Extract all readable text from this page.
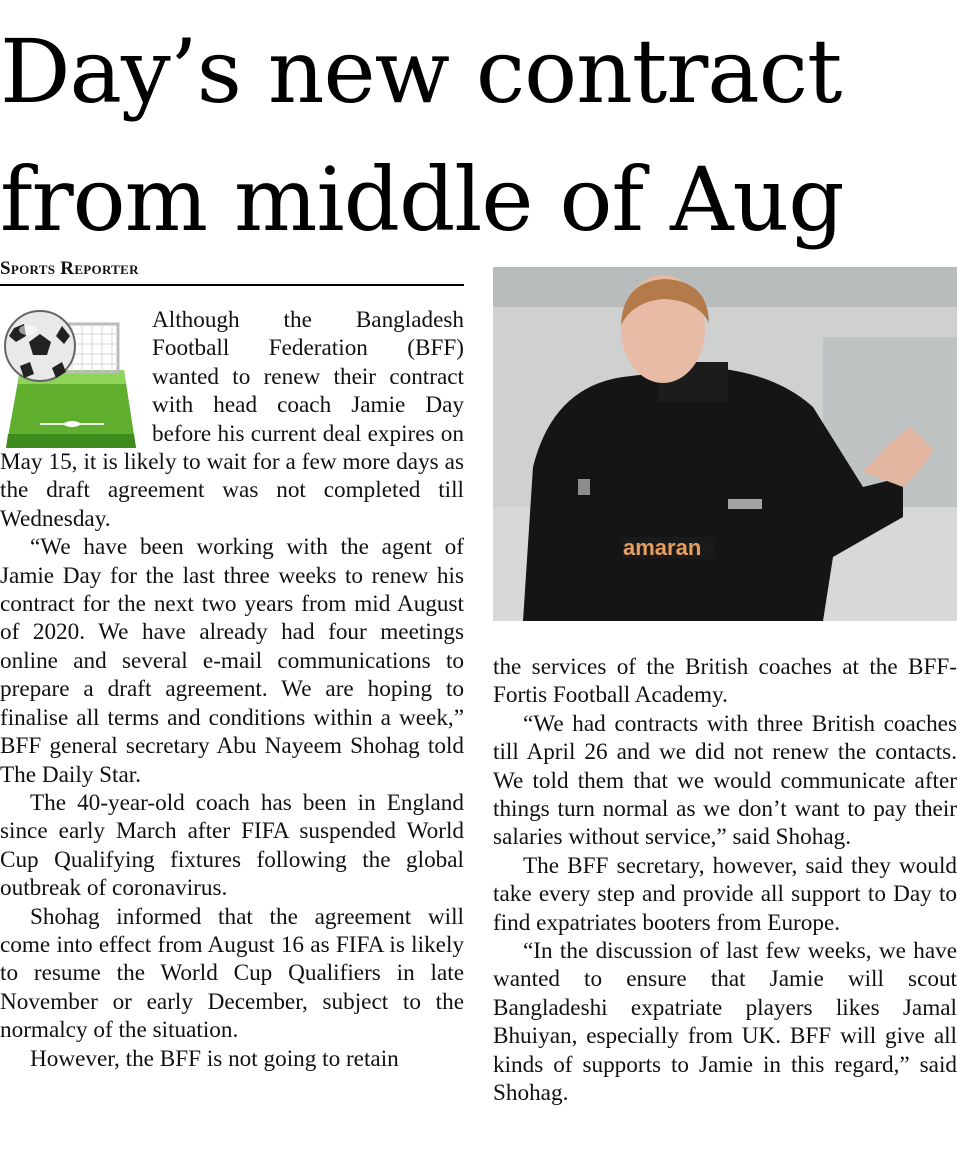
Day’s new contract from middle of Aug
Sports Reporter

Although the Bangladesh Football Federation (BFF) wanted to renew their contract with head coach Jamie Day before his current deal expires on May 15, it is likely to wait for a few more days as the draft agreement was not completed till Wednesday.

“We have been working with the agent of Jamie Day for the last three weeks to renew his contract for the next two years from mid August of 2020. We have already had four meetings online and several e-mail communications to prepare a draft agreement. We are hoping to finalise all terms and conditions within a week,” BFF general secretary Abu Nayeem Shohag told The Daily Star.

The 40-year-old coach has been in England since early March after FIFA suspended World Cup Qualifying fixtures following the global outbreak of coronavirus.

Shohag informed that the agreement will come into effect from August 16 as FIFA is likely to resume the World Cup Qualifiers in late November or early December, subject to the normalcy of the situation.

However, the BFF is not going to retain

amaran

the services of the British coaches at the BFF-Fortis Football Academy.

“We had contracts with three British coaches till April 26 and we did not renew the contacts. We told them that we would communicate after things turn normal as we don’t want to pay their salaries without service,” said Shohag.

The BFF secretary, however, said they would take every step and provide all support to Day to find expatriates booters from Europe.

“In the discussion of last few weeks, we have wanted to ensure that Jamie will scout Bangladeshi expatriate players likes Jamal Bhuiyan, especially from UK. BFF will give all kinds of supports to Jamie in this regard,” said Shohag.
